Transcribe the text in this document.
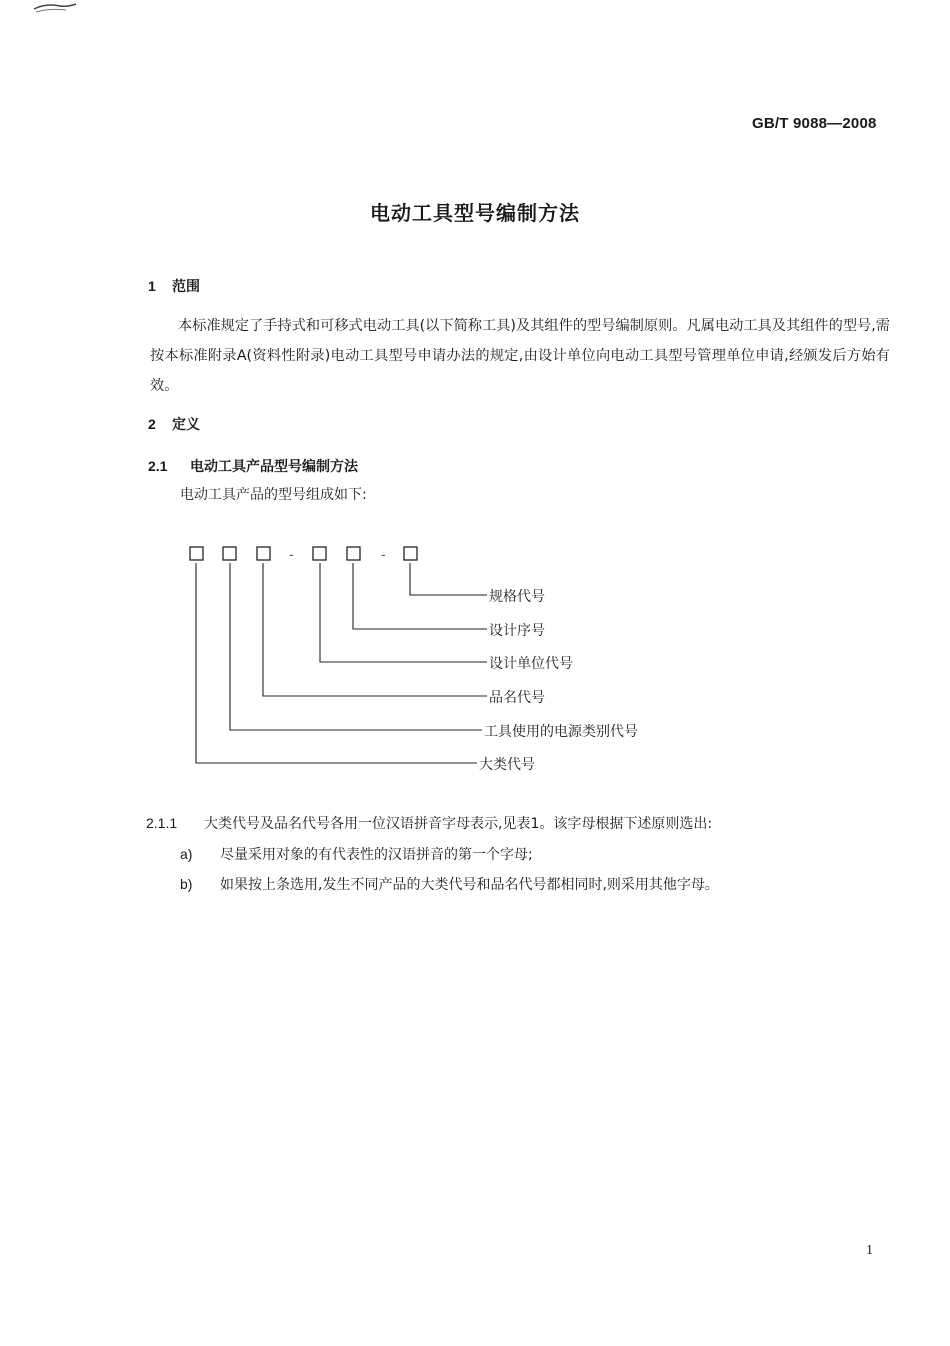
GB/T 9088—2008
电动工具型号编制方法
1 范围
本标准规定了手持式和可移式电动工具(以下简称工具)及其组件的型号编制原则。凡属电动工具及其组件的型号,需按本标准附录A(资料性附录)电动工具型号申请办法的规定,由设计单位向电动工具型号管理单位申请,经颁发后方始有效。
2 定义
2.1 电动工具产品型号编制方法
电动工具产品的型号组成如下:
-	-
规格代号
设计序号
设计单位代号
品名代号
工具使用的电源类别代号
大类代号
2.1.1 大类代号及品名代号各用一位汉语拼音字母表示,见表1。该字母根据下述原则选出:
a) 尽量采用对象的有代表性的汉语拼音的第一个字母;
b) 如果按上条选用,发生不同产品的大类代号和品名代号都相同时,则采用其他字母。
1
